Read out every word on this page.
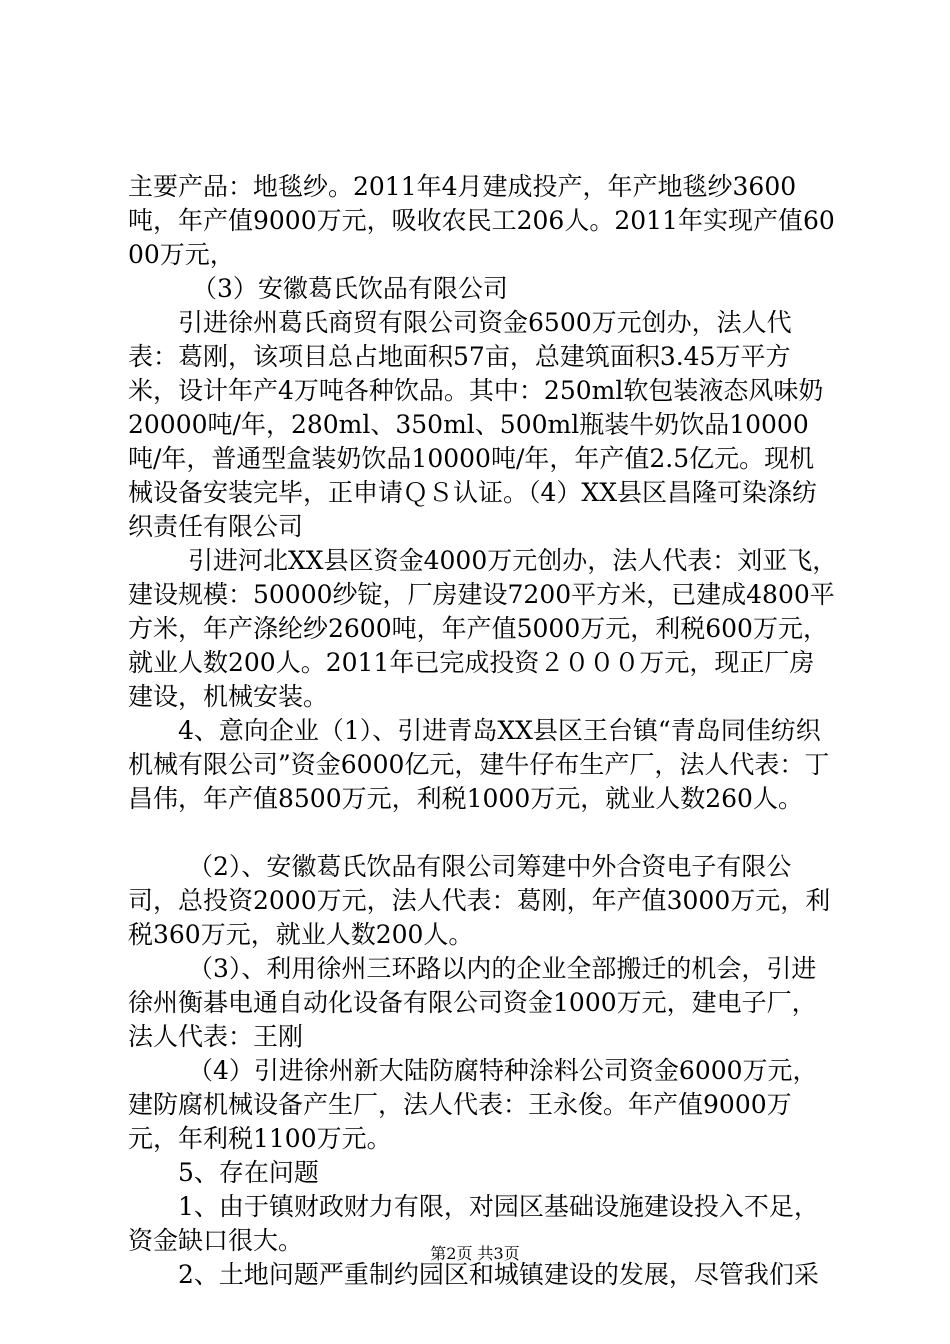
主要产品：地毯纱。2011年4月建成投产，年产地毯纱3600吨，年产值9000万元，吸收农民工206人。2011年实现产值6000万元，

（3）安徽葛氏饮品有限公司

引进徐州葛氏商贸有限公司资金6500万元创办，法人代表：葛刚，该项目总占地面积57亩，总建筑面积3.45万平方米，设计年产4万吨各种饮品。其中：250ml软包装液态风味奶20000吨/年，280ml、350ml、500ml瓶装牛奶饮品10000吨/年，普通型盒装奶饮品10000吨/年，年产值2.5亿元。现机械设备安装完毕，正申请ＱＳ认证。（4）XX县区昌隆可染涤纺织责任有限公司

引进河北XX县区资金4000万元创办，法人代表：刘亚飞，建设规模：50000纱锭，厂房建设7200平方米，已建成4800平方米，年产涤纶纱2600吨，年产值5000万元，利税600万元，就业人数200人。2011年已完成投资２０００万元，现正厂房建设，机械安装。

4、意向企业（1）、引进青岛XX县区王台镇“青岛同佳纺织机械有限公司”资金6000亿元，建牛仔布生产厂，法人代表：丁昌伟，年产值8500万元，利税1000万元，就业人数260人。

（2）、安徽葛氏饮品有限公司筹建中外合资电子有限公司，总投资2000万元，法人代表：葛刚，年产值3000万元，利税360万元，就业人数200人。

（3）、利用徐州三环路以内的企业全部搬迁的机会，引进徐州衡碁电通自动化设备有限公司资金1000万元，建电子厂，法人代表：王刚

（4）引进徐州新大陆防腐特种涂料公司资金6000万元，建防腐机械设备产生厂，法人代表：王永俊。年产值9000万元，年利税1100万元。

5、存在问题

1、由于镇财政财力有限，对园区基础设施建设投入不足，资金缺口很大。

2、土地问题严重制约园区和城镇建设的发展，尽管我们采

第2页 共3页
